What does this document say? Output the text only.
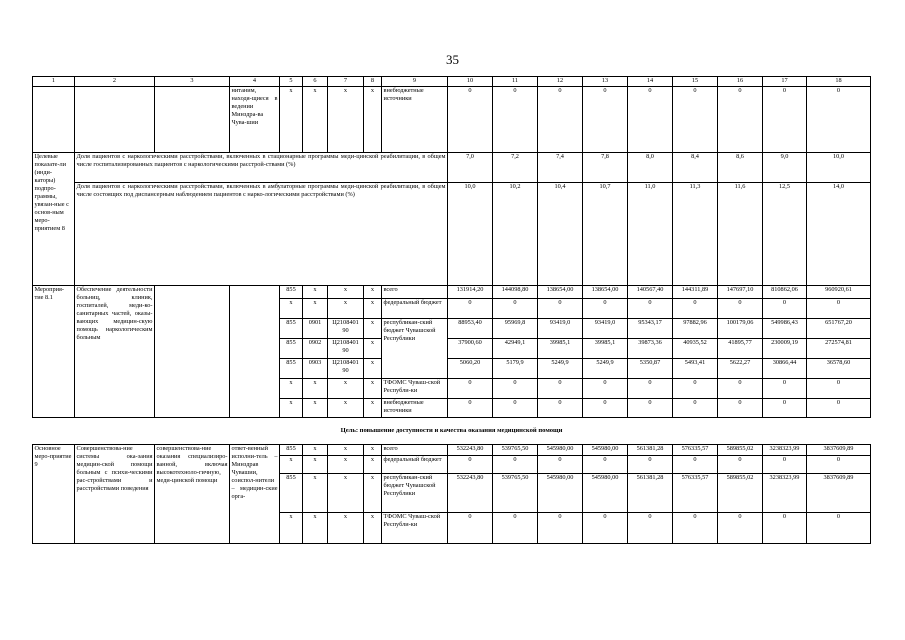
35
1	2	3	4	5	6	7	8	9	10	11	12	13	14	15	16	17	18
			нитаним, находя-щиеся в ведении Минздра-ва Чува-шии	x	x	x	x	внебюджетные источники	0	0	0	0	0	0	0	0	0
Целевые показате-ли (инди-каторы) подпро-граммы, увязан-ные с основ-ным меро-приятием 8	Доля пациентов с наркологическими расстройствами, включенных в стационарные программы меди-цинской реабилитации, в общем числе госпитализированных пациентов с наркологическими расстрой-ствами (%)								7,0	7,2	7,4	7,8	8,0	8,4	8,6	9,0	10,0
	Доля пациентов с наркологическими расстройствами, включенных в амбулаторные программы меди-цинской реабилитации, в общем числе состоящих под диспансерным наблюдением пациентов с нарко-логическими расстройствами (%)								10,0	10,2	10,4	10,7	11,0	11,3	11,6	12,5	14,0
Мероприя-тие 8.1	Обеспечение деятельности больниц, клиник, госпиталей, меди-ко-санитарных частей, оказы-вающих медицин-скую помощь наркологическим больным			855	x	x	x	всего	131914,20	144098,80	138654,00	138654,00	140567,40	144311,89	147697,10	810862,06	960920,61
				x	x	x	x	федеральный бюджет	0	0	0	0	0	0	0	0	0
				855	0901	Ц2108401 90	x	республикан-ский бюджет Чувашской Республики	88953,40	95969,8	93419,0	93419,0	95343,17	97882,96	100179,06	549986,43	651767,20
				855	0902	Ц2108401 90	x		37900,60	42949,1	39985,1	39985,1	39873,36	40935,52	41895,77	230009,19	272574,81
				855	0903	Ц2108401 90	x		5060,20	5179,9	5249,9	5249,9	5350,87	5493,41	5622,27	30866,44	36578,60
				x	x	x	x	ТФОМС Чуваш-ской Республи-ки	0	0	0	0	0	0	0	0	0
				x	x	x	x	внебюджетные источники	0	0	0	0	0	0	0	0	0
Цель: повышение доступности и качества оказания медицинской помощи																	
Основное меро-приятие 9	Совершенствова-ние системы ока-зания медицин-ской помощи больным с психи-ческими рас-стройствами и расстройствами поведения	совершенствова-ние оказания специализиро-ванной, включая высокотехноло-гичную, меди-цинской помощи	ответ-венный исполни-тель – Минздрав Чувашии, соиспол-нители – медицин-ские орга-	855	x	x	x	всего	532243,80	539765,50	545980,00	545980,00	561381,28	576335,57	589855,02	3238323,99	3837609,89
				x	x	x	x	федеральный бюджет	0	0	0	0	0	0	0	0	0
				855	x	x	x	республикан-ский бюджет Чувашской Республики	532243,80	539765,50	545980,00	545980,00	561381,28	576335,57	589855,02	3238323,99	3837609,89
				x	x	x	x	ТФОМС Чуваш-ской Республи-ки	0	0	0	0	0	0	0	0	0
